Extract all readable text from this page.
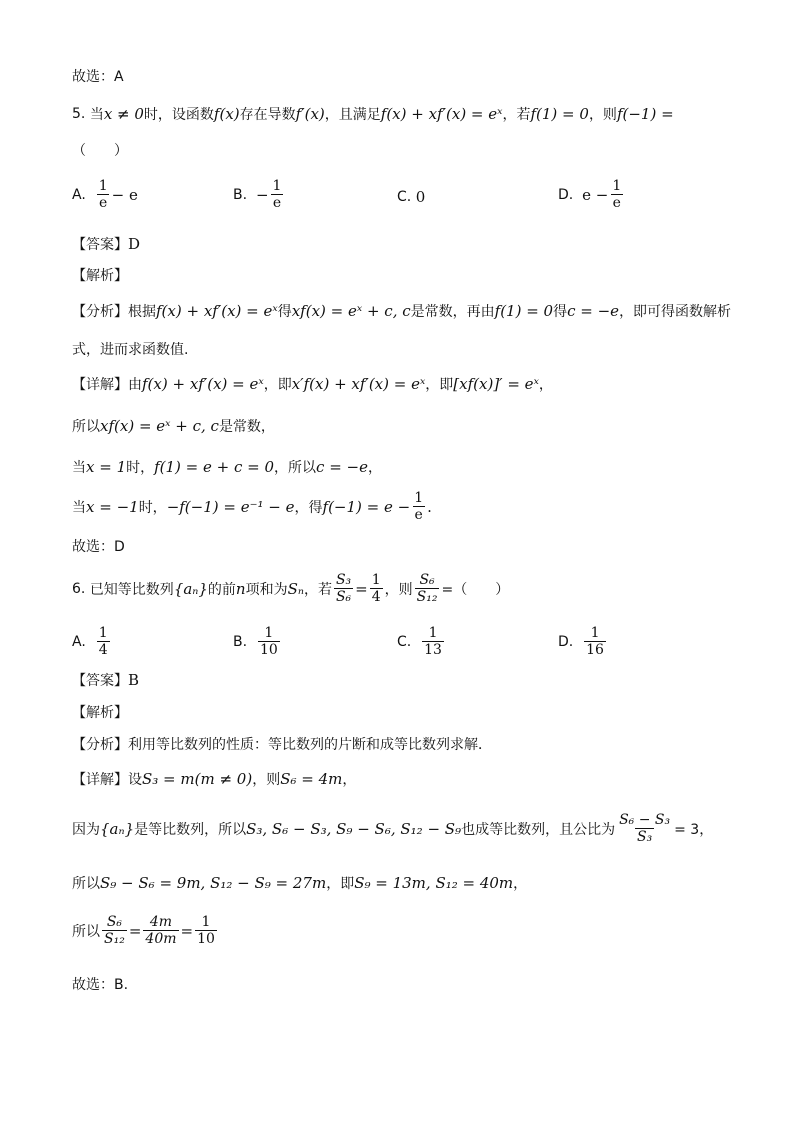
故选：A
5.
当 x ≠ 0 时，设函数 f(x) 存在导数 f′(x) ，且满足 f(x) + xf′(x) = eˣ ，若 f(1) = 0 ，则 f(−1) =
（　　）
A.
$\frac{1}{e} - e$	B.
− $\frac{1}{e}$	C.
0	D.
$e - \frac{1}{e}$
【答案】 D
【解析】
【分析】 根据 f(x) + xf′(x) = eˣ 得 xf(x) = eˣ + c, c 是常数，再由 f(1) = 0 得 c = −e ，即可得函数解析
式，进而求函数值.
【详解】 由 f(x) + xf′(x) = eˣ ，即 x′f(x) + xf′(x) = eˣ ，即 [xf(x)]′ = eˣ ，
所以 xf(x) = eˣ + c, c 是常数，
当 x = 1 时， f(1) = e + c = 0 ，所以 c = −e ，
当 x = −1 时， −f(−1) = e⁻¹ − e ，得 $f(-1) = e - \frac{1}{e}$ .
故选：D
6.
已知等比数列 {aₙ} 的前 n 项和为 Sₙ ，若 $\frac{\text{S₃}}{\text{S₆}} = \frac{1}{4}$ ，则 $\frac{\text{S₆}}{\text{S₁₂}}$ =（　　）
A.
$\frac{1}{4}$	B.
$\frac{1}{10}$	C.
$\frac{1}{13}$	D.
$\frac{1}{16}$
【答案】 B
【解析】
【分析】 利用等比数列的性质：等比数列的片断和成等比数列求解．
【详解】 设 S₃ = m(m ≠ 0) ，则 S₆ = 4m ，
因为 {aₙ} 是等比数列，所以 S₃, S₆ − S₃, S₉ − S₆, S₁₂ − S₉ 也成等比数列，且公比为 $\frac{\text{S₆ − S₃}}{\text{S₃}} = 3$，
所以 S₉ − S₆ = 9m, S₁₂ − S₉ = 27m ，即 S₉ = 13m, S₁₂ = 40m ，
所以 $\frac{\text{S₆}}{\text{S₁₂}} = \frac{4m}{40m} = \frac{1}{10}$
故选：B.
